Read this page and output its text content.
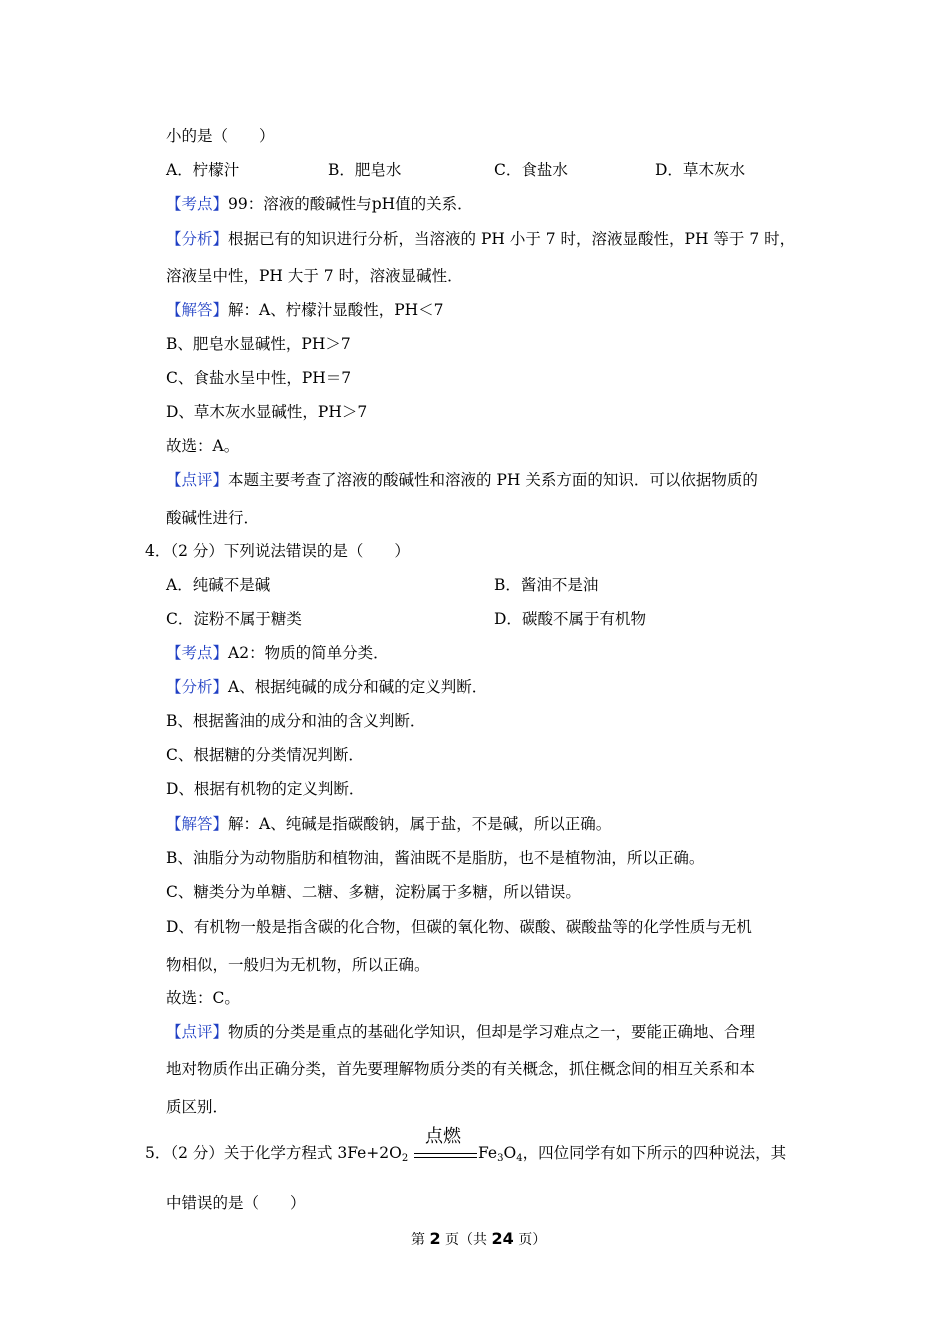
小的是（　　）
A．柠檬汁	B．肥皂水	C．食盐水	D．草木灰水
【考点】99：溶液的酸碱性与pH值的关系．
【分析】根据已有的知识进行分析，当溶液的 PH 小于 7 时，溶液显酸性，PH 等于 7 时，
溶液呈中性，PH 大于 7 时，溶液显碱性．
【解答】解：A、柠檬汁显酸性，PH＜7
B、肥皂水显碱性，PH＞7
C、食盐水呈中性，PH＝7
D、草木灰水显碱性，PH＞7
故选：A。
【点评】本题主要考查了溶液的酸碱性和溶液的 PH 关系方面的知识．可以依据物质的
酸碱性进行．
4．（2 分）下列说法错误的是（　　）
A．纯碱不是碱	B．酱油不是油
C．淀粉不属于糖类	D．碳酸不属于有机物
【考点】A2：物质的简单分类．
【分析】A、根据纯碱的成分和碱的定义判断．
B、根据酱油的成分和油的含义判断．
C、根据糖的分类情况判断．
D、根据有机物的定义判断．
【解答】解：A、纯碱是指碳酸钠，属于盐，不是碱，所以正确。
B、油脂分为动物脂肪和植物油，酱油既不是脂肪，也不是植物油，所以正确。
C、糖类分为单糖、二糖、多糖，淀粉属于多糖，所以错误。
D、有机物一般是指含碳的化合物，但碳的氧化物、碳酸、碳酸盐等的化学性质与无机
物相似，一般归为无机物，所以正确。
故选：C。
【点评】物质的分类是重点的基础化学知识，但却是学习难点之一，要能正确地、合理
地对物质作出正确分类，首先要理解物质分类的有关概念，抓住概念间的相互关系和本
质区别．
5．（2 分）关于化学方程式 $3Fe+2O_2$
点燃
$Fe_3O_4$，四位同学有如下所示的四种说法，其
中错误的是（　　）
第 2 页（共 24 页）
